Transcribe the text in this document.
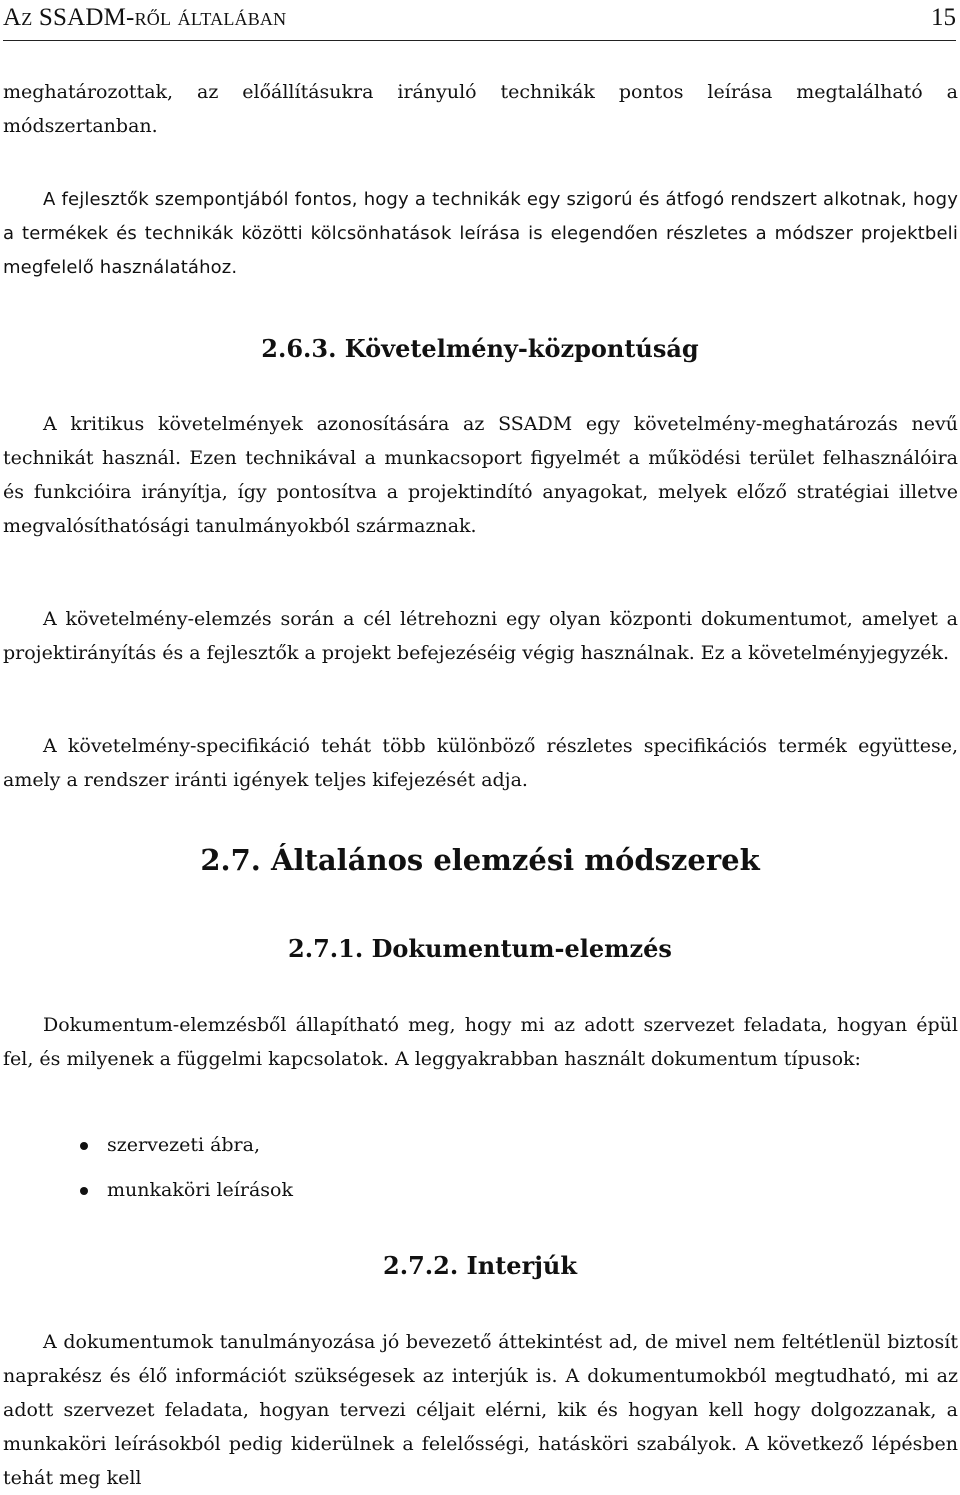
Az SSADM-ről általában	15

meghatározottak, az előállításukra irányuló technikák pontos leírása megtalálható a módszertanban.

A fejlesztők szempontjából fontos, hogy a technikák egy szigorú és átfogó rendszert alkotnak, hogy a termékek és technikák közötti kölcsönhatások leírása is elegendően részletes a módszer projektbeli megfelelő használatához.

2.6.3. Követelmény-központúság

A kritikus követelmények azonosítására az SSADM egy követelmény-meghatározás nevű technikát használ. Ezen technikával a munkacsoport figyelmét a működési terület felhasználóira és funkcióira irányítja, így pontosítva a projektindító anyagokat, melyek előző stratégiai illetve megvalósíthatósági tanulmányokból származnak.

A követelmény-elemzés során a cél létrehozni egy olyan központi dokumentumot, amelyet a projektirányítás és a fejlesztők a projekt befejezéséig végig használnak. Ez a követelményjegyzék.

A követelmény-specifikáció tehát több különböző részletes specifikációs termék együttese, amely a rendszer iránti igények teljes kifejezését adja.

2.7. Általános elemzési módszerek
2.7.1. Dokumentum-elemzés

Dokumentum-elemzésből állapítható meg, hogy mi az adott szervezet feladata, hogyan épül fel, és milyenek a függelmi kapcsolatok. A leggyakrabban használt dokumentum típusok:

szervezeti ábra,
munkaköri leírások
2.7.2. Interjúk

A dokumentumok tanulmányozása jó bevezető áttekintést ad, de mivel nem feltétlenül biztosít naprakész és élő információt szükségesek az interjúk is. A dokumentumokból megtudható, mi az adott szervezet feladata, hogyan tervezi céljait elérni, kik és hogyan kell hogy dolgozzanak, a munkaköri leírásokból pedig kiderülnek a felelősségi, hatásköri szabályok. A következő lépésben tehát meg kell
